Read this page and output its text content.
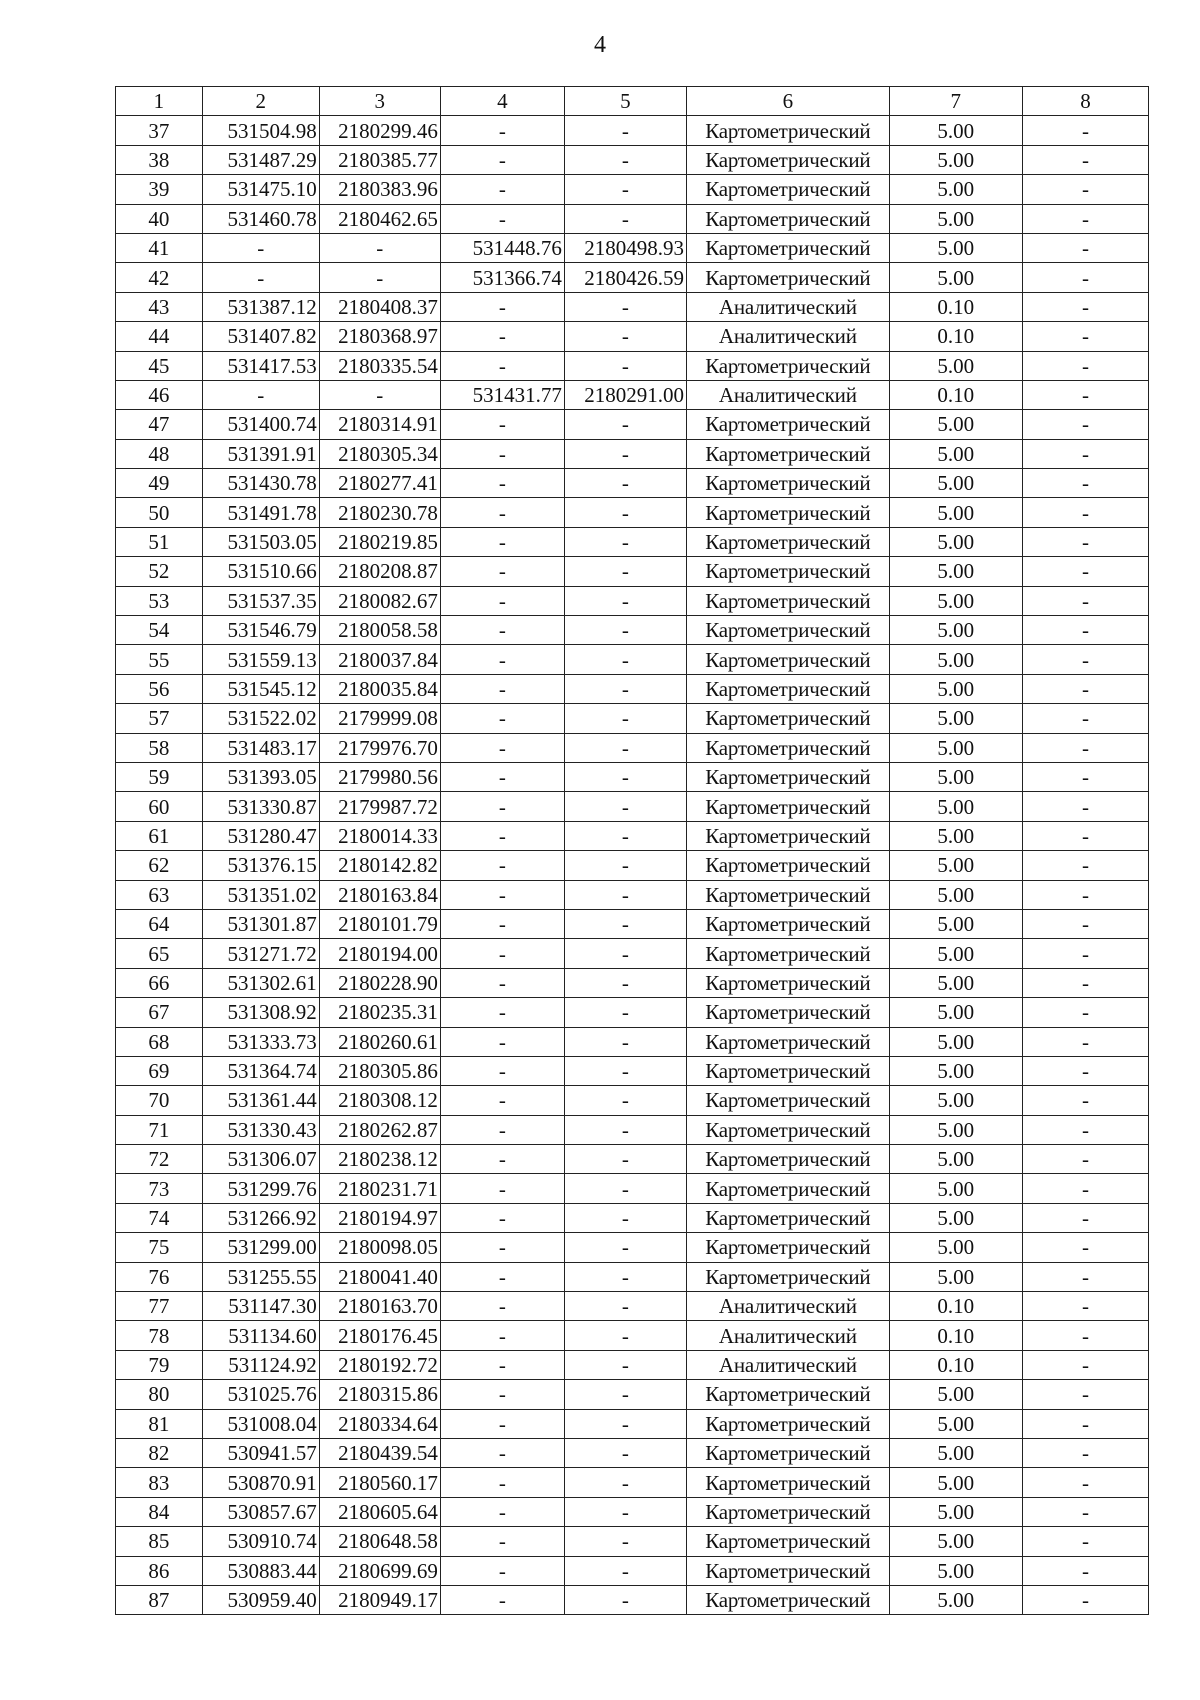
4
1	2	3	4	5	6	7	8
37	531504.98	2180299.46	-	-	Картометрический	5.00	-
38	531487.29	2180385.77	-	-	Картометрический	5.00	-
39	531475.10	2180383.96	-	-	Картометрический	5.00	-
40	531460.78	2180462.65	-	-	Картометрический	5.00	-
41	-	-	531448.76	2180498.93	Картометрический	5.00	-
42	-	-	531366.74	2180426.59	Картометрический	5.00	-
43	531387.12	2180408.37	-	-	Аналитический	0.10	-
44	531407.82	2180368.97	-	-	Аналитический	0.10	-
45	531417.53	2180335.54	-	-	Картометрический	5.00	-
46	-	-	531431.77	2180291.00	Аналитический	0.10	-
47	531400.74	2180314.91	-	-	Картометрический	5.00	-
48	531391.91	2180305.34	-	-	Картометрический	5.00	-
49	531430.78	2180277.41	-	-	Картометрический	5.00	-
50	531491.78	2180230.78	-	-	Картометрический	5.00	-
51	531503.05	2180219.85	-	-	Картометрический	5.00	-
52	531510.66	2180208.87	-	-	Картометрический	5.00	-
53	531537.35	2180082.67	-	-	Картометрический	5.00	-
54	531546.79	2180058.58	-	-	Картометрический	5.00	-
55	531559.13	2180037.84	-	-	Картометрический	5.00	-
56	531545.12	2180035.84	-	-	Картометрический	5.00	-
57	531522.02	2179999.08	-	-	Картометрический	5.00	-
58	531483.17	2179976.70	-	-	Картометрический	5.00	-
59	531393.05	2179980.56	-	-	Картометрический	5.00	-
60	531330.87	2179987.72	-	-	Картометрический	5.00	-
61	531280.47	2180014.33	-	-	Картометрический	5.00	-
62	531376.15	2180142.82	-	-	Картометрический	5.00	-
63	531351.02	2180163.84	-	-	Картометрический	5.00	-
64	531301.87	2180101.79	-	-	Картометрический	5.00	-
65	531271.72	2180194.00	-	-	Картометрический	5.00	-
66	531302.61	2180228.90	-	-	Картометрический	5.00	-
67	531308.92	2180235.31	-	-	Картометрический	5.00	-
68	531333.73	2180260.61	-	-	Картометрический	5.00	-
69	531364.74	2180305.86	-	-	Картометрический	5.00	-
70	531361.44	2180308.12	-	-	Картометрический	5.00	-
71	531330.43	2180262.87	-	-	Картометрический	5.00	-
72	531306.07	2180238.12	-	-	Картометрический	5.00	-
73	531299.76	2180231.71	-	-	Картометрический	5.00	-
74	531266.92	2180194.97	-	-	Картометрический	5.00	-
75	531299.00	2180098.05	-	-	Картометрический	5.00	-
76	531255.55	2180041.40	-	-	Картометрический	5.00	-
77	531147.30	2180163.70	-	-	Аналитический	0.10	-
78	531134.60	2180176.45	-	-	Аналитический	0.10	-
79	531124.92	2180192.72	-	-	Аналитический	0.10	-
80	531025.76	2180315.86	-	-	Картометрический	5.00	-
81	531008.04	2180334.64	-	-	Картометрический	5.00	-
82	530941.57	2180439.54	-	-	Картометрический	5.00	-
83	530870.91	2180560.17	-	-	Картометрический	5.00	-
84	530857.67	2180605.64	-	-	Картометрический	5.00	-
85	530910.74	2180648.58	-	-	Картометрический	5.00	-
86	530883.44	2180699.69	-	-	Картометрический	5.00	-
87	530959.40	2180949.17	-	-	Картометрический	5.00	-
